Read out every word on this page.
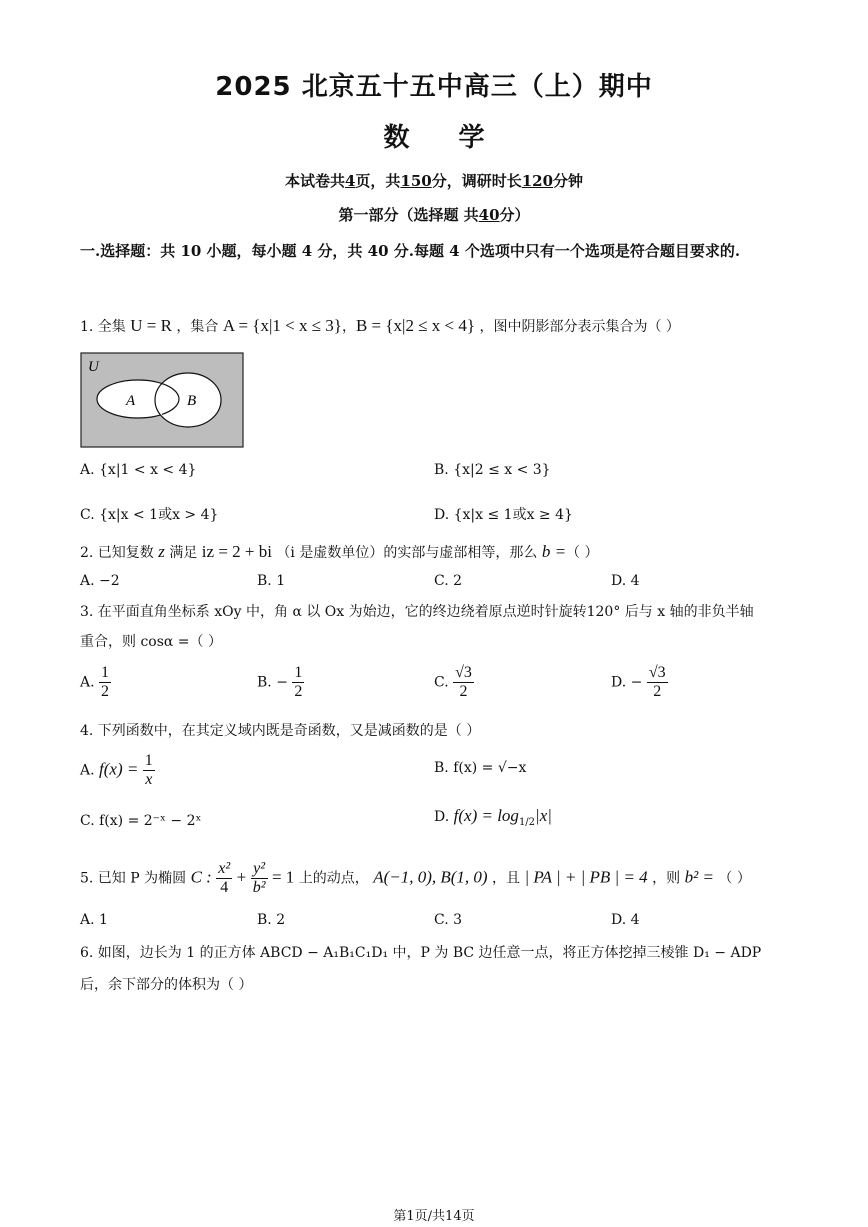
2025 北京五十五中高三（上）期中
数 学
本试卷共4页，共150分，调研时长120分钟
第一部分（选择题 共40分）
一.选择题：共 10 小题，每小题 4 分，共 40 分.每题 4 个选项中只有一个选项是符合题目要求的.
1. 全集 U = R ，集合 A = {x|1 < x ≤ 3}，B = {x|2 ≤ x < 4} ，图中阴影部分表示集合为（ ）
U
A	B
A. {x|1 < x < 4}	B. {x|2 ≤ x < 3}
C. {x|x < 1或x > 4}	D. {x|x ≤ 1或x ≥ 4}
2. 已知复数 z 满足 iz = 2 + bi （i 是虚数单位）的实部与虚部相等，那么 b =（ ）
A. −2	B. 1	C. 2	D. 4
3. 在平面直角坐标系 xOy 中，角 α 以 Ox 为始边，它的终边绕着原点逆时针旋转120° 后与 x 轴的非负半轴
重合，则 cosα =（ ）
A. $\frac{1}{2}$	B. − $\frac{1}{2}$	C. $\frac{√3}{2}$	D. − $\frac{√3}{2}$
4. 下列函数中，在其定义域内既是奇函数，又是减函数的是（ ）
A. $f(x) = \frac{1}{x}$	B. f(x) = √−x
C. f(x) = 2⁻ˣ − 2ˣ	D. $f(x) = \log_{1/2}|x|$
5. 已知 P 为椭圆 C : $\frac{\text{x²}}{4} + \frac{\text{y²}}{\text{b²}} = 1$ 上的动点， A(−1, 0), B(1, 0) ，且 | PA | + | PB | = 4 ，则 b² = （ ）
A. 1	B. 2	C. 3	D. 4
6. 如图，边长为 1 的正方体 ABCD − A₁B₁C₁D₁ 中，P 为 BC 边任意一点，将正方体挖掉三棱锥 D₁ − ADP
后，余下部分的体积为（ ）
第1页/共14页
